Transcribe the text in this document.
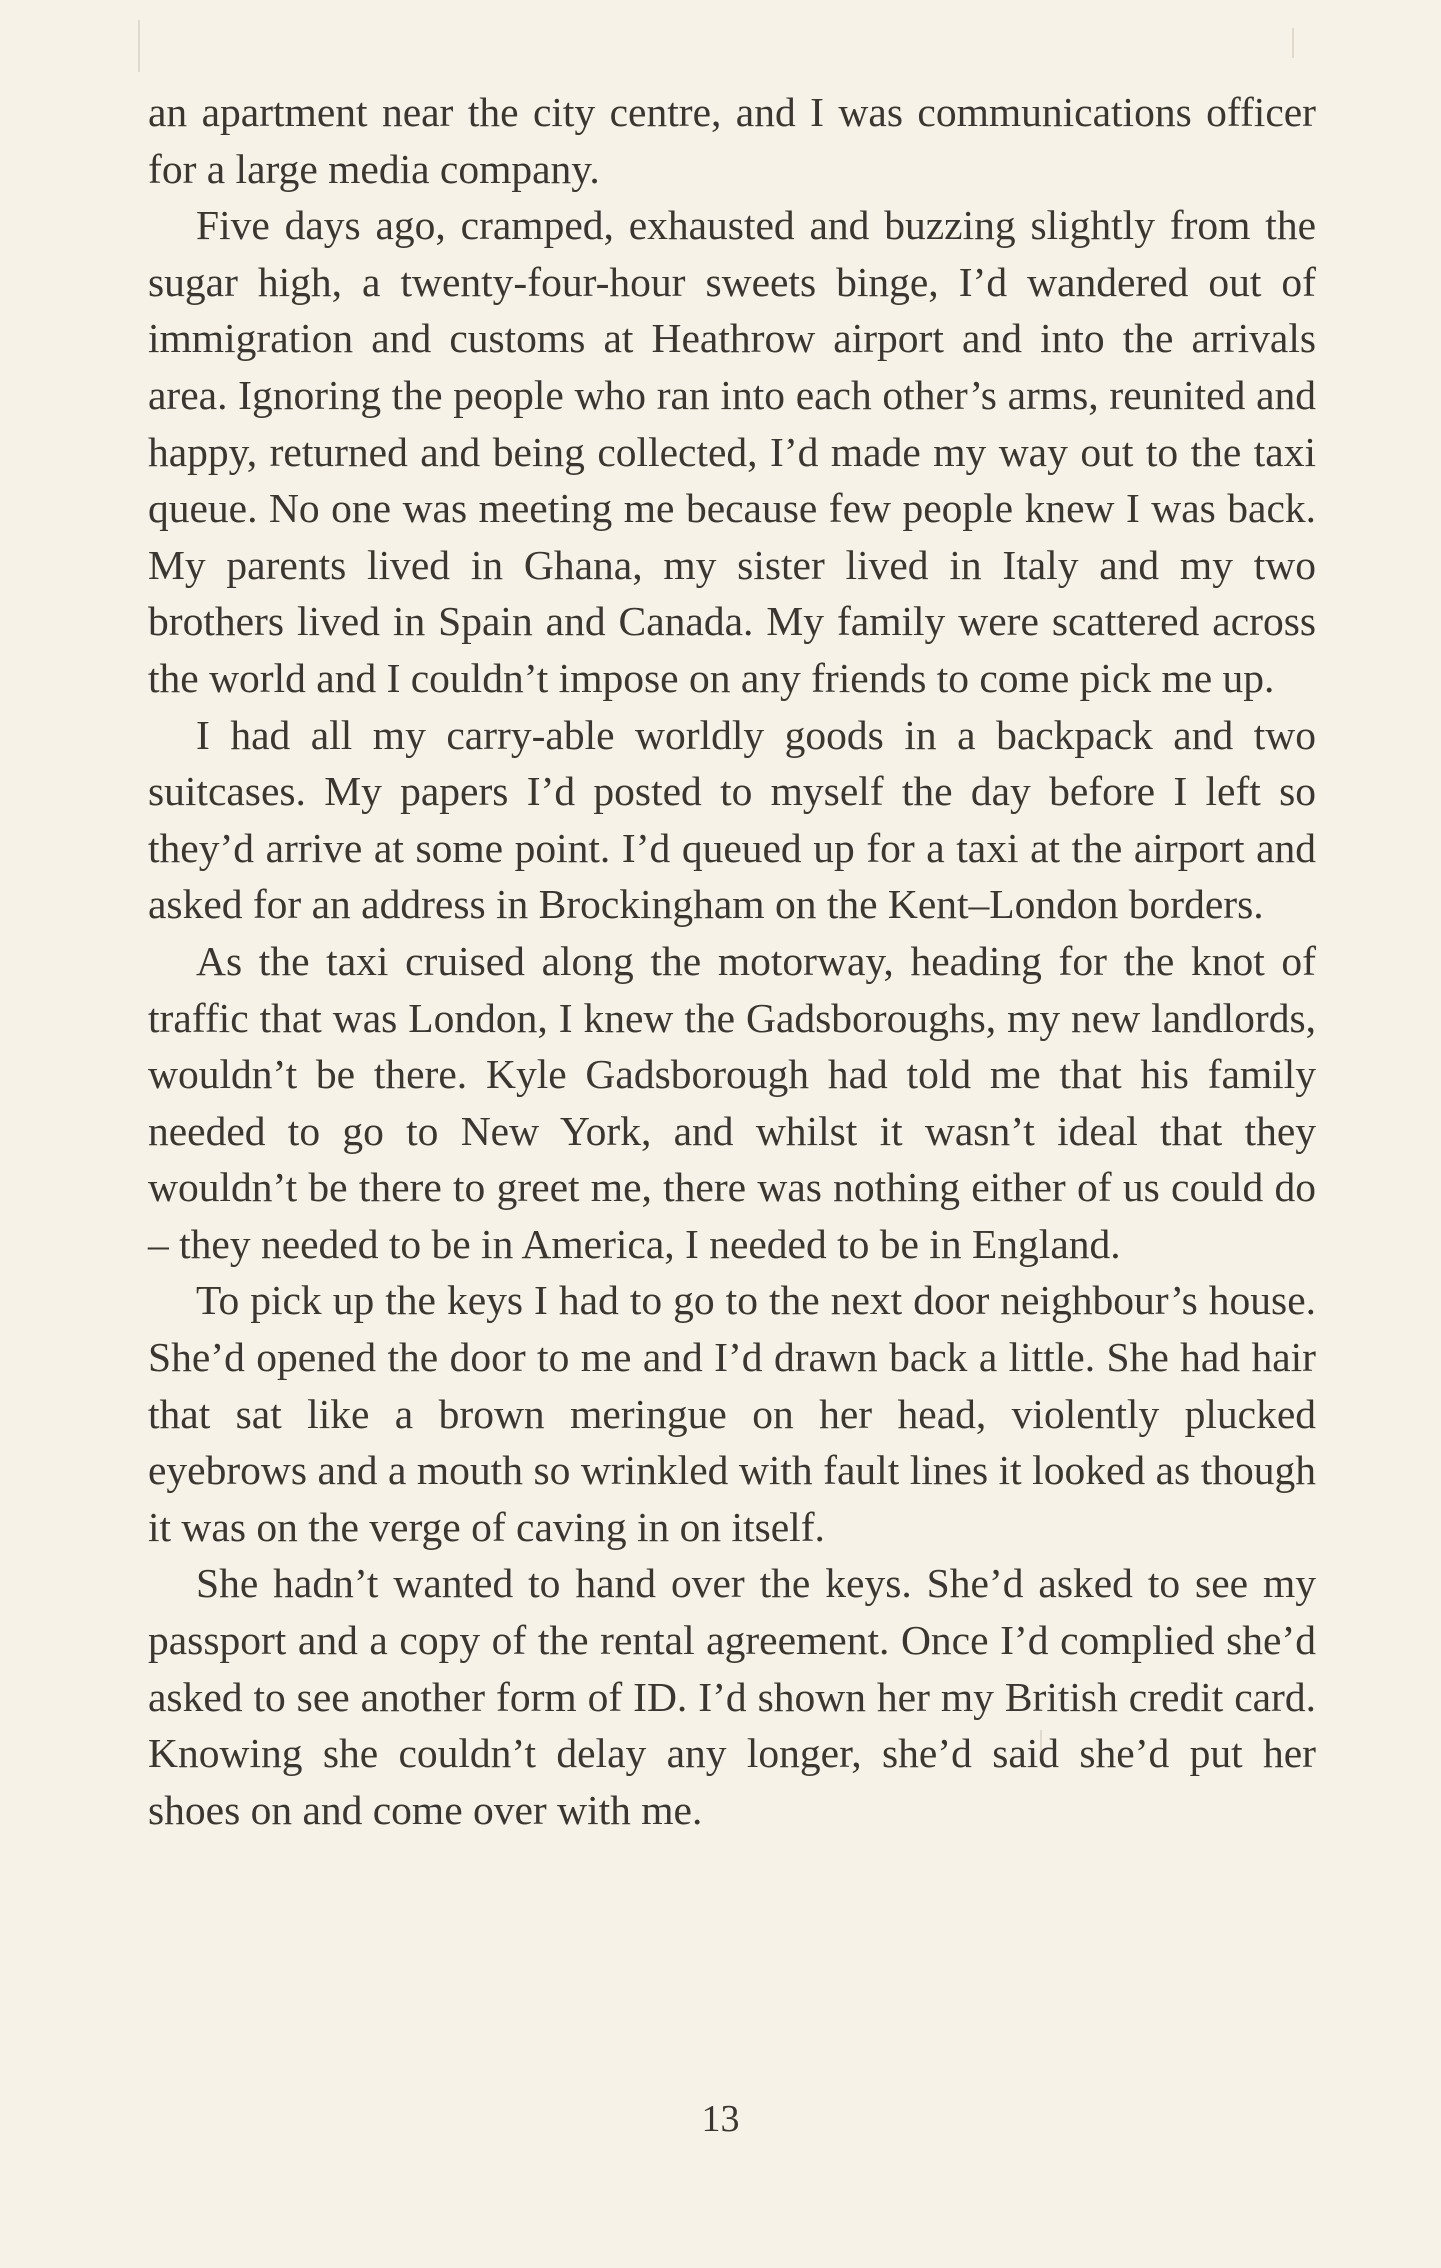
an apartment near the city centre, and I was communications officer for a large media company.

Five days ago, cramped, exhausted and buzzing slightly from the sugar high, a twenty-four-hour sweets binge, I’d wandered out of immigration and customs at Heathrow airport and into the arrivals area. Ignoring the people who ran into each other’s arms, reunited and happy, returned and being collected, I’d made my way out to the taxi queue. No one was meeting me because few people knew I was back. My parents lived in Ghana, my sister lived in Italy and my two brothers lived in Spain and Canada. My family were scattered across the world and I couldn’t impose on any friends to come pick me up.

I had all my carry-able worldly goods in a backpack and two suitcases. My papers I’d posted to myself the day before I left so they’d arrive at some point. I’d queued up for a taxi at the airport and asked for an address in Brockingham on the Kent–London borders.

As the taxi cruised along the motorway, heading for the knot of traffic that was London, I knew the Gadsboroughs, my new landlords, wouldn’t be there. Kyle Gadsborough had told me that his family needed to go to New York, and whilst it wasn’t ideal that they wouldn’t be there to greet me, there was nothing either of us could do – they needed to be in America, I needed to be in England.

To pick up the keys I had to go to the next door neighbour’s house. She’d opened the door to me and I’d drawn back a little. She had hair that sat like a brown meringue on her head, violently plucked eyebrows and a mouth so wrinkled with fault lines it looked as though it was on the verge of caving in on itself.

She hadn’t wanted to hand over the keys. She’d asked to see my passport and a copy of the rental agreement. Once I’d complied she’d asked to see another form of ID. I’d shown her my British credit card. Knowing she couldn’t delay any longer, she’d said she’d put her shoes on and come over with me.

13
